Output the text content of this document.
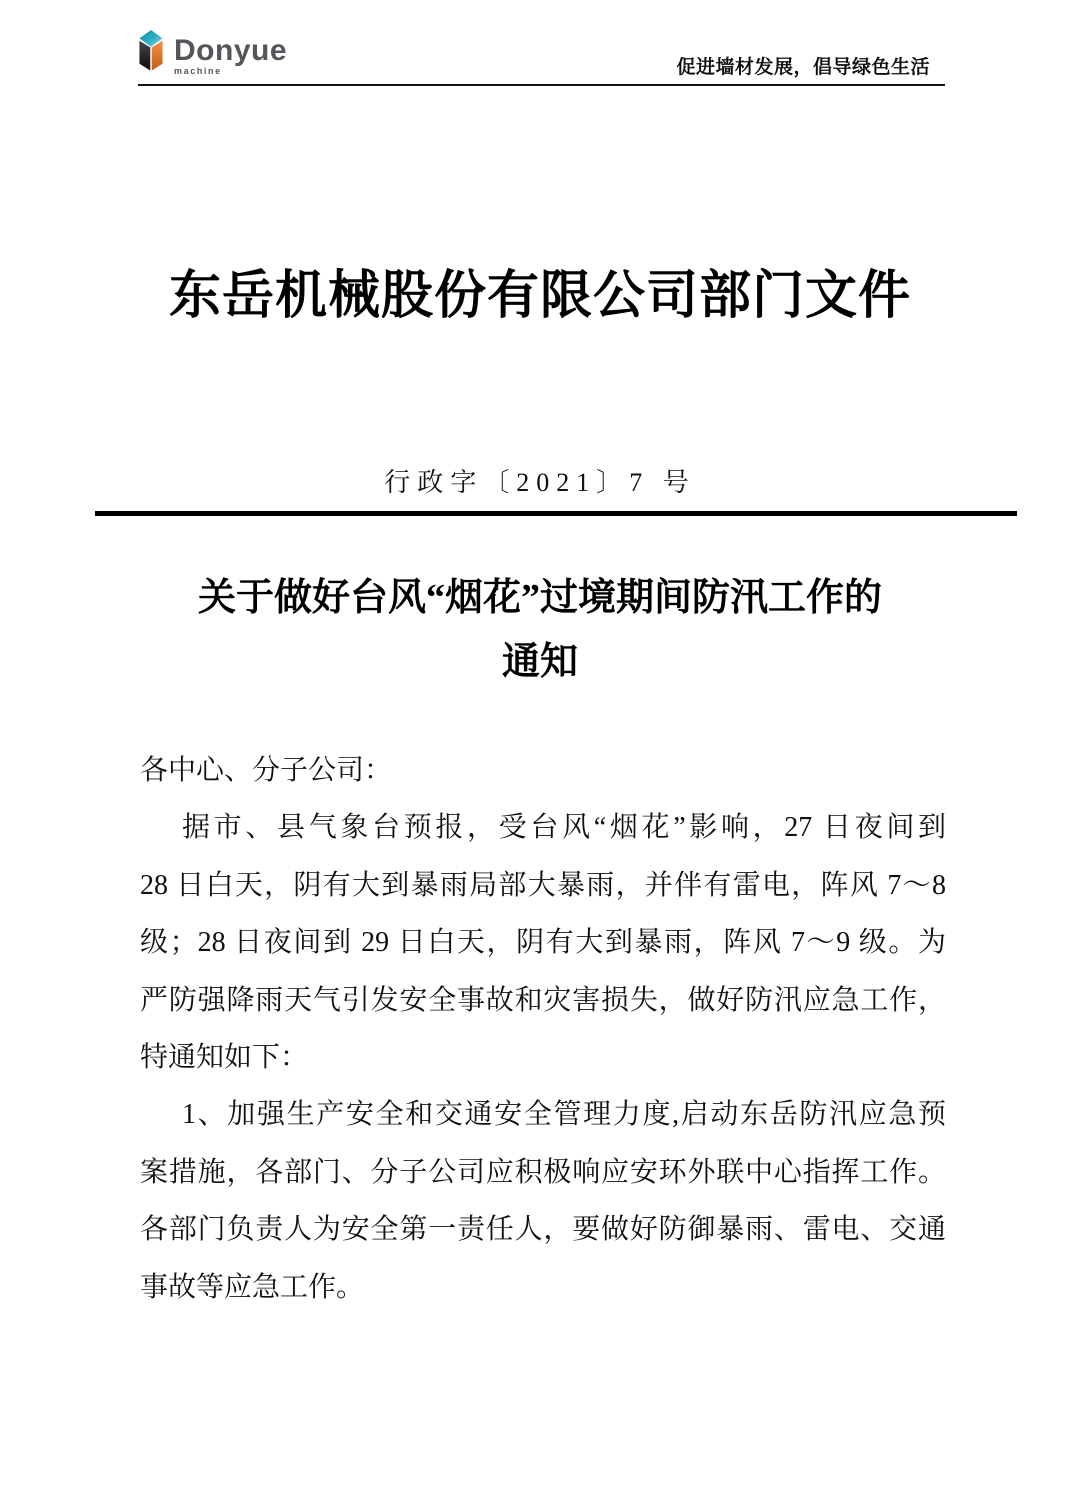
Donyue
machine	促进墙材发展，倡导绿色生活
东岳机械股份有限公司部门文件
行政字〔2021〕7 号
关于做好台风“烟花”过境期间防汛工作的
通知
各中心、分子公司：
据市、县气象台预报，受台风“烟花”影响，27 日夜间到
28 日白天，阴有大到暴雨局部大暴雨，并伴有雷电，阵风 7～8
级；28 日夜间到 29 日白天，阴有大到暴雨，阵风 7～9 级。为
严防强降雨天气引发安全事故和灾害损失，做好防汛应急工作，
特通知如下：
1、加强生产安全和交通安全管理力度,启动东岳防汛应急预
案措施，各部门、分子公司应积极响应安环外联中心指挥工作。
各部门负责人为安全第一责任人，要做好防御暴雨、雷电、交通
事故等应急工作。
